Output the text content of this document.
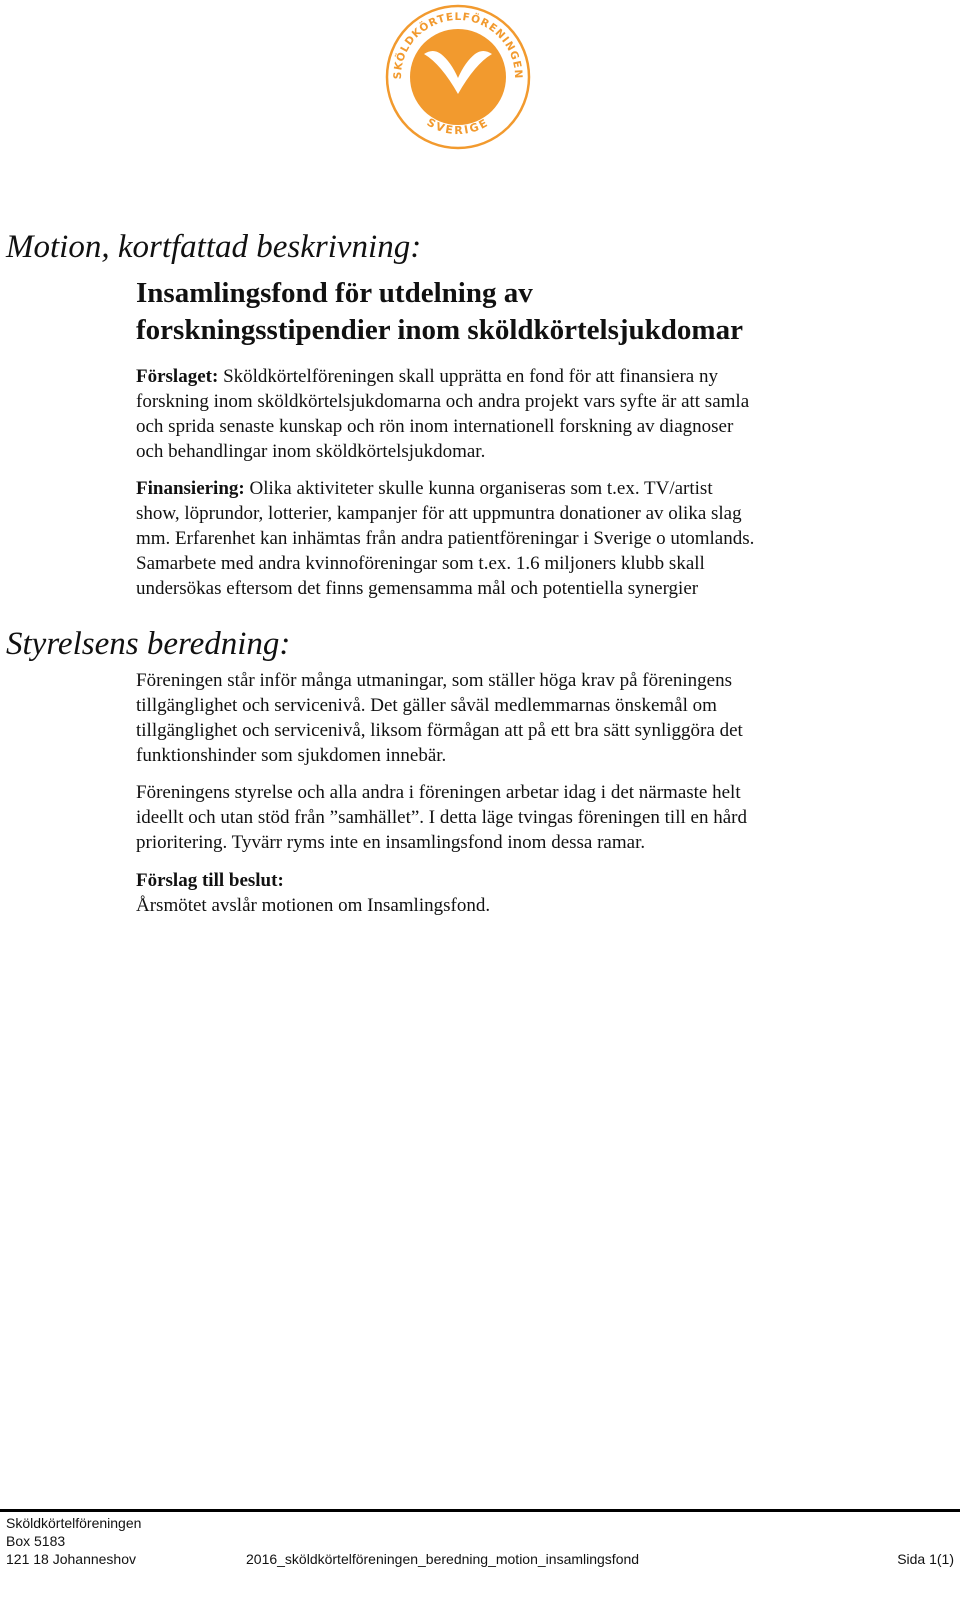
SKÖLDKÖRTELFÖRENINGEN
SVERIGE
Motion, kortfattad beskrivning:
Insamlingsfond för utdelning av
forskningsstipendier inom sköldkörtelsjukdomar

Förslaget: Sköldkörtelföreningen skall upprätta en fond för att finansiera ny
forskning inom sköldkörtelsjukdomarna och andra projekt vars syfte är att samla
och sprida senaste kunskap och rön inom internationell forskning av diagnoser
och behandlingar inom sköldkörtelsjukdomar.

Finansiering: Olika aktiviteter skulle kunna organiseras som t.ex. TV/artist
show, löprundor, lotterier, kampanjer för att uppmuntra donationer av olika slag
mm. Erfarenhet kan inhämtas från andra patientföreningar i Sverige o utomlands.
Samarbete med andra kvinnoföreningar som t.ex. 1.6 miljoners klubb skall
undersökas eftersom det finns gemensamma mål och potentiella synergier

Styrelsens beredning:

Föreningen står inför många utmaningar, som ställer höga krav på föreningens
tillgänglighet och servicenivå. Det gäller såväl medlemmarnas önskemål om
tillgänglighet och servicenivå, liksom förmågan att på ett bra sätt synliggöra det
funktionshinder som sjukdomen innebär.

Föreningens styrelse och alla andra i föreningen arbetar idag i det närmaste helt
ideellt och utan stöd från ”samhället”. I detta läge tvingas föreningen till en hård
prioritering. Tyvärr ryms inte en insamlingsfond inom dessa ramar.

Förslag till beslut:
Årsmötet avslår motionen om Insamlingsfond.

Sköldkörtelföreningen
Box 5183
121 18 Johanneshov	2016_sköldkörtelföreningen_beredning_motion_insamlingsfond	Sida 1(1)
